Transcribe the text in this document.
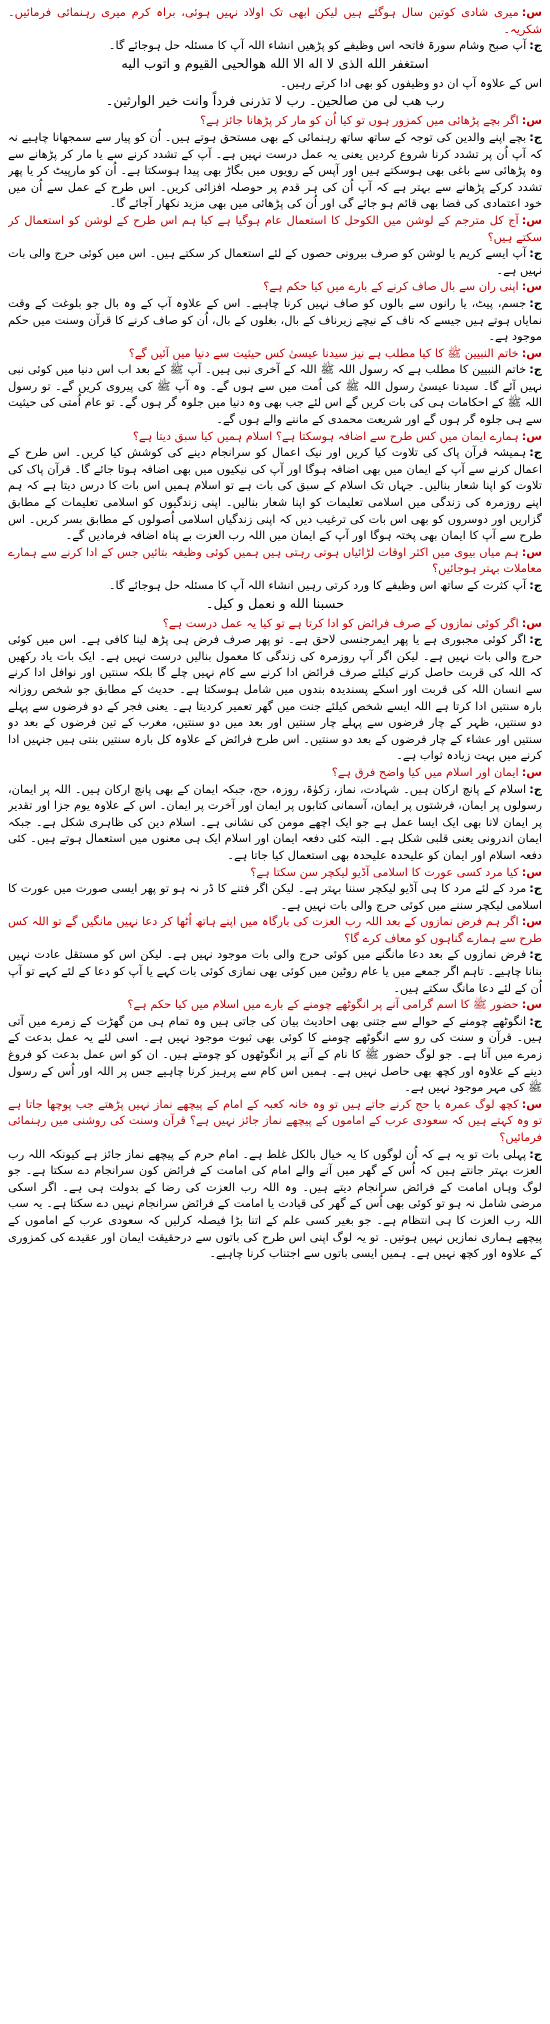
س:میری شادی کوتین سال ہوگئے ہیں لیکن ابھی تک اولاد نہیں ہوئی، براہ کرم میری رہنمائی فرمائیں۔ شکریہ۔

ج:آپ صبح وشام سورۃ فاتحہ اس وظیفے کو پڑھیں انشاء اللہ آپ کا مسئلہ حل ہوجائے گا۔

استغفر الله الذی لا اله الا الله هوالحیی القیوم و اتوب الیه

اس کے علاوہ آپ ان دو وظیفوں کو بھی ادا کرتے رہیں۔

رب هب لی من صالحین۔ رب لا تذرنی فرداً وانت خیر الوارثین۔

س:اگر بچے پڑھائی میں کمزور ہوں تو کیا اُن کو مار کر پڑھانا جائز ہے؟

ج:بچے اپنے والدین کی توجہ کے ساتھ ساتھ رہنمائی کے بھی مستحق ہوتے ہیں۔ اُن کو پیار سے سمجھانا چاہیے نہ کہ آپ اُن پر تشدد کرنا شروع کردیں یعنی یہ عمل درست نہیں ہے۔ آپ کے تشدد کرنے سے یا مار کر پڑھانے سے وہ پڑھائی سے باغی بھی ہوسکتے ہیں اور آپس کے رویوں میں بگاڑ بھی پیدا ہوسکتا ہے۔ اُن کو مارپیٹ کر یا پھر تشدد کرکے پڑھانے سے بہتر ہے کہ آپ اُن کی ہر قدم پر حوصلہ افزائی کریں۔ اس طرح کے عمل سے اُن میں خود اعتمادی کی فضا بھی قائم ہو جائے گی اور اُن کی پڑھائی میں بھی مزید نکھار آجائے گا۔

س:آج کل مترجم کے لوشن میں الکوحل کا استعمال عام ہوگیا ہے کیا ہم اس طرح کے لوشن کو استعمال کر سکتے ہیں؟

ج:آپ ایسے کریم یا لوشن کو صرف بیرونی حصوں کے لئے استعمال کر سکتے ہیں۔ اس میں کوئی حرج والی بات نہیں ہے۔

س:اپنی ران سے بال صاف کرنے کے بارے میں کیا حکم ہے؟

ج:جسم، پیٹ، یا رانوں سے بالوں کو صاف نہیں کرنا چاہیے۔ اس کے علاوہ آپ کے وہ بال جو بلوغت کے وقت نمایاں ہوتے ہیں جیسے کہ ناف کے نیچے زیرناف کے بال، بغلوں کے بال، اُن کو صاف کرنے کا قرآن وسنت میں حکم موجود ہے۔

س:خاتم النبیین ﷺ کا کیا مطلب ہے نیز سیدنا عیسیٰ کس حیثیت سے دنیا میں آئیں گے؟

ج:خاتم النبیین کا مطلب ہے کہ رسول اللہ ﷺ اللہ کے آخری نبی ہیں۔ آپ ﷺ کے بعد اب اس دنیا میں کوئی نبی نہیں آئے گا۔ سیدنا عیسیٰ رسول اللہ ﷺ کی اُمت میں سے ہوں گے۔ وہ آپ ﷺ کی پیروی کریں گے۔ تو رسول اللہ ﷺ کے احکامات ہی کی بات کریں گے اس لئے جب بھی وہ دنیا میں جلوہ گر ہوں گے۔ تو عام اُمتی کی حیثیت سے ہی جلوہ گر ہوں گے اور شریعت محمدی کے ماننے والے ہوں گے۔

س:ہمارے ایمان میں کس طرح سے اضافہ ہوسکتا ہے؟ اسلام ہمیں کیا سبق دیتا ہے؟

ج:ہمیشہ قرآن پاک کی تلاوت کیا کریں اور نیک اعمال کو سرانجام دینے کی کوشش کیا کریں۔ اس طرح کے اعمال کرنے سے آپ کے ایمان میں بھی اضافہ ہوگا اور آپ کی نیکیوں میں بھی اضافہ ہوتا جائے گا۔ قرآن پاک کی تلاوت کو اپنا شعار بنالیں۔ جہاں تک اسلام کے سبق کی بات ہے تو اسلام ہمیں اس بات کا درس دیتا ہے کہ ہم اپنے روزمرہ کی زندگی میں اسلامی تعلیمات کو اپنا شعار بنالیں۔ اپنی زندگیوں کو اسلامی تعلیمات کے مطابق گزاریں اور دوسروں کو بھی اس بات کی ترغیب دیں کہ اپنی زندگیاں اسلامی اُصولوں کے مطابق بسر کریں۔ اس طرح سے آپ کا ایمان بھی پختہ ہوگا اور آپ کے ایمان میں اللہ رب العزت بے پناہ اضافہ فرمادیں گے۔

س:ہم میاں بیوی میں اکثر اوقات لڑائیاں ہوتی رہتی ہیں ہمیں کوئی وظیفہ بتائیں جس کے ادا کرنے سے ہمارے معاملات بہتر ہوجائیں؟

ج:آپ کثرت کے ساتھ اس وظیفے کا ورد کرتی رہیں انشاء اللہ آپ کا مسئلہ حل ہوجائے گا۔

حسبنا الله و نعمل و کیل۔

س:اگر کوئی نمازوں کے صرف فرائض کو ادا کرتا ہے تو کیا یہ عمل درست ہے؟

ج:اگر کوئی مجبوری ہے یا پھر ایمرجنسی لاحق ہے۔ تو پھر صرف فرض ہی پڑھ لینا کافی ہے۔ اس میں کوئی حرج والی بات نہیں ہے۔ لیکن اگر آپ روزمرہ کی زندگی کا معمول بنالیں درست نہیں ہے۔ ایک بات یاد رکھیں کہ اللہ کی قربت حاصل کرنے کیلئے صرف فرائض ادا کرنے سے کام نہیں چلے گا بلکہ سنتیں اور نوافل ادا کرنے سے انسان اللہ کی قربت اور اسکے پسندیدہ بندوں میں شامل ہوسکتا ہے۔ حدیث کے مطابق جو شخص روزانہ بارہ سنتیں ادا کرتا ہے اللہ ایسے شخص کیلئے جنت میں گھر تعمیر کردیتا ہے۔ یعنی فجر کے دو فرضوں سے پہلے دو سنتیں، ظہر کے چار فرضوں سے پہلے چار سنتیں اور بعد میں دو سنتیں، مغرب کے تین فرضوں کے بعد دو سنتیں اور عشاء کے چار فرضوں کے بعد دو سنتیں۔ اس طرح فرائض کے علاوہ کل بارہ سنتیں بنتی ہیں جنہیں ادا کرنے میں بہت زیادہ ثواب ہے۔

س:ایمان اور اسلام میں کیا واضح فرق ہے؟

ج:اسلام کے پانچ ارکان ہیں۔ شہادت، نماز، زکوٰۃ، روزہ، حج، جبکہ ایمان کے بھی پانچ ارکان ہیں۔ اللہ پر ایمان، رسولوں پر ایمان، فرشتوں پر ایمان، آسمانی کتابوں پر ایمان اور آخرت پر ایمان۔ اس کے علاوہ یوم جزا اور تقدیر پر ایمان لانا بھی ایک ایسا عمل ہے جو ایک اچھے مومن کی نشانی ہے۔ اسلام دین کی ظاہری شکل ہے۔ جبکہ ایمان اندرونی یعنی قلبی شکل ہے۔ البتہ کئی دفعہ ایمان اور اسلام ایک ہی معنوں میں استعمال ہوتے ہیں۔ کئی دفعہ اسلام اور ایمان کو علیحدہ علیحدہ بھی استعمال کیا جاتا ہے۔

س:کیا مرد کسی عورت کا اسلامی آڈیو لیکچر سن سکتا ہے؟

ج:مرد کے لئے مرد کا ہی آڈیو لیکچر سننا بہتر ہے۔ لیکن اگر فتنے کا ڈر نہ ہو تو پھر ایسی صورت میں عورت کا اسلامی لیکچر سننے میں کوئی حرج والی بات نہیں ہے۔

س:اگر ہم فرض نمازوں کے بعد اللہ رب العزت کی بارگاہ میں اپنے ہاتھ اُٹھا کر دعا نہیں مانگیں گے تو اللہ کس طرح سے ہمارے گناہوں کو معاف کرے گا؟

ج:فرض نمازوں کے بعد دعا مانگنے میں کوئی حرج والی بات موجود نہیں ہے۔ لیکن اس کو مستقل عادت نہیں بنانا چاہیے۔ تاہم اگر جمعے میں یا عام روٹین میں کوئی بھی نمازی کوئی بات کہے یا آپ کو دعا کے لئے کہے تو آپ اُن کے لئے دعا مانگ سکتے ہیں۔

س:حضور ﷺ کا اسم گرامی آنے پر انگوٹھے چومنے کے بارے میں اسلام میں کیا حکم ہے؟

ج:انگوٹھے چومنے کے حوالے سے جتنی بھی احادیث بیان کی جاتی ہیں وہ تمام ہی من گھڑت کے زمرے میں آتی ہیں۔ قرآن و سنت کی رو سے انگوٹھے چومنے کا کوئی بھی ثبوت موجود نہیں ہے۔ اسی لئے یہ عمل بدعت کے زمرے میں آتا ہے۔ جو لوگ حضور ﷺ کا نام کے آنے پر انگوٹھوں کو چومتے ہیں۔ ان کو اس عمل بدعت کو فروغ دینے کے علاوہ اور کچھ بھی حاصل نہیں ہے۔ ہمیں اس کام سے پرہیز کرنا چاہیے جس پر اللہ اور اُس کے رسول ﷺ کی مہر موجود نہیں ہے۔

س:کچھ لوگ عمرہ یا حج کرنے جاتے ہیں تو وہ خانہ کعبہ کے امام کے پیچھے نماز نہیں پڑھتے جب پوچھا جاتا ہے تو وہ کہتے ہیں کہ سعودی عرب کے اماموں کے پیچھے نماز جائز نہیں ہے؟ قرآن وسنت کی روشنی میں رہنمائی فرمائیں؟

ج:پہلی بات تو یہ ہے کہ اُن لوگوں کا یہ خیال بالکل غلط ہے۔ امام حرم کے پیچھے نماز جائز ہے کیونکہ اللہ رب العزت بہتر جانتے ہیں کہ اُس کے گھر میں آنے والے امام کی امامت کے فرائض کون سرانجام دے سکتا ہے۔ جو لوگ وہاں امامت کے فرائض سرانجام دیتے ہیں۔ وہ اللہ رب العزت کی رضا کے بدولت ہی ہے۔ اگر اسکی مرضی شامل نہ ہو تو کوئی بھی اُس کے گھر کی قیادت یا امامت کے فرائض سرانجام نہیں دے سکتا ہے۔ یہ سب اللہ رب العزت کا ہی انتظام ہے۔ جو بغیر کسی علم کے اتنا بڑا فیصلہ کرلیں کہ سعودی عرب کے اماموں کے پیچھے ہماری نمازیں نہیں ہوتیں۔ تو یہ لوگ اپنی اس طرح کی باتوں سے درحقیقت ایمان اور عقیدے کی کمزوری کے علاوہ اور کچھ نہیں ہے۔ ہمیں ایسی باتوں سے اجتناب کرنا چاہیے۔
